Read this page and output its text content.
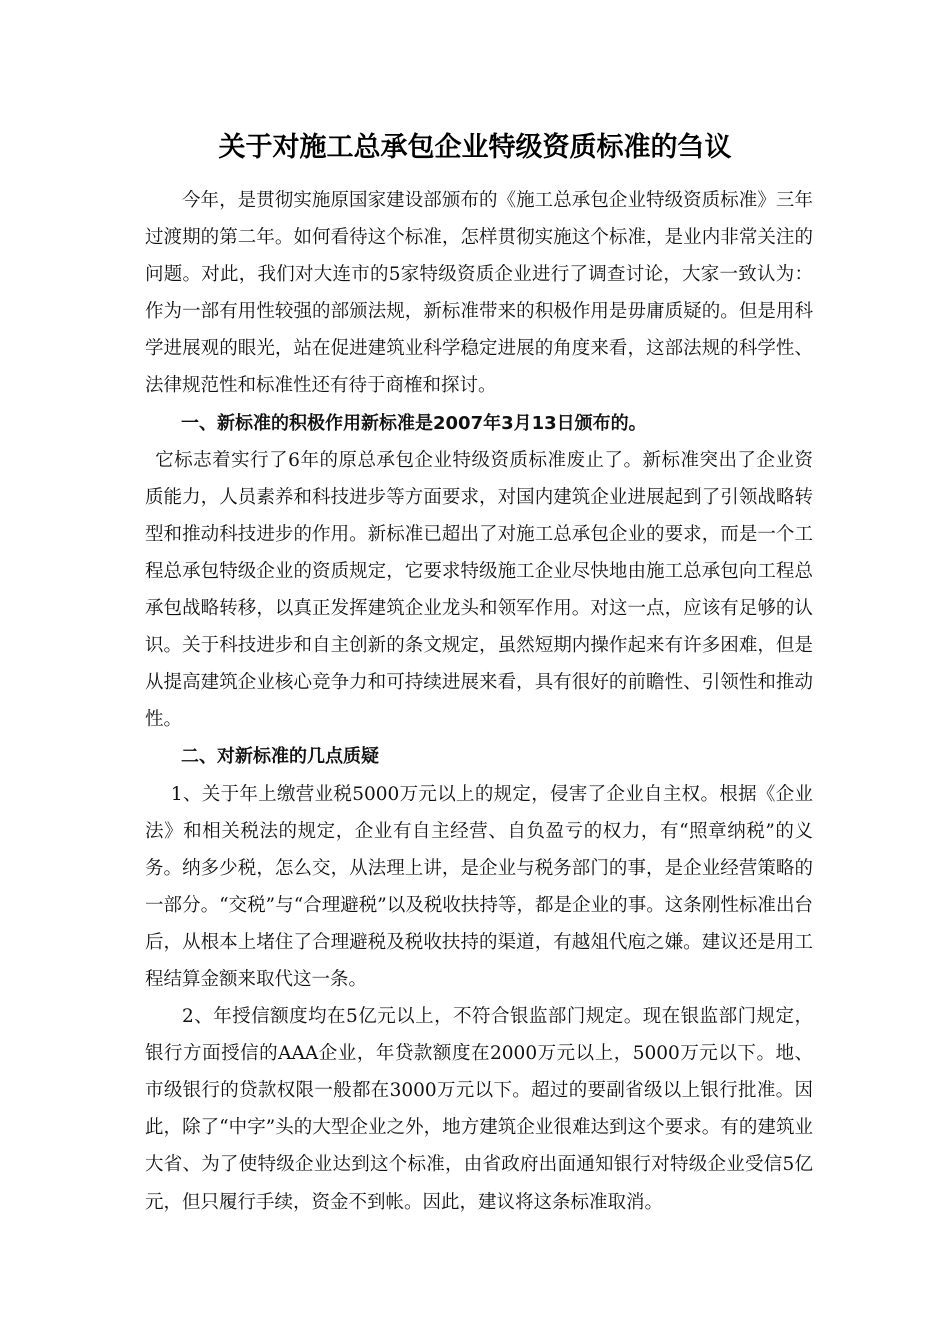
关于对施工总承包企业特级资质标准的刍议

今年，是贯彻实施原国家建设部颁布的《施工总承包企业特级资质标准》三年过渡期的第二年。如何看待这个标准，怎样贯彻实施这个标准，是业内非常关注的问题。对此，我们对大连市的5家特级资质企业进行了调查讨论，大家一致认为：作为一部有用性较强的部颁法规，新标准带来的积极作用是毋庸质疑的。但是用科学进展观的眼光，站在促进建筑业科学稳定进展的角度来看，这部法规的科学性、法律规范性和标准性还有待于商榷和探讨。

一、新标准的积极作用新标准是2007年3月13日颁布的。

它标志着实行了6年的原总承包企业特级资质标准废止了。新标准突出了企业资质能力，人员素养和科技进步等方面要求，对国内建筑企业进展起到了引领战略转型和推动科技进步的作用。新标准已超出了对施工总承包企业的要求，而是一个工程总承包特级企业的资质规定，它要求特级施工企业尽快地由施工总承包向工程总承包战略转移，以真正发挥建筑企业龙头和领军作用。对这一点，应该有足够的认识。关于科技进步和自主创新的条文规定，虽然短期内操作起来有许多困难，但是从提高建筑企业核心竞争力和可持续进展来看，具有很好的前瞻性、引领性和推动性。

二、对新标准的几点质疑

1、关于年上缴营业税5000万元以上的规定，侵害了企业自主权。根据《企业法》和相关税法的规定，企业有自主经营、自负盈亏的权力，有“照章纳税”的义务。纳多少税，怎么交，从法理上讲，是企业与税务部门的事，是企业经营策略的一部分。“交税”与“合理避税”以及税收扶持等，都是企业的事。这条刚性标准出台后，从根本上堵住了合理避税及税收扶持的渠道，有越俎代庖之嫌。建议还是用工程结算金额来取代这一条。

2、年授信额度均在5亿元以上，不符合银监部门规定。现在银监部门规定，银行方面授信的AAA企业，年贷款额度在2000万元以上，5000万元以下。地、市级银行的贷款权限一般都在3000万元以下。超过的要副省级以上银行批准。因此，除了“中字”头的大型企业之外，地方建筑企业很难达到这个要求。有的建筑业大省、为了使特级企业达到这个标准，由省政府出面通知银行对特级企业受信5亿元，但只履行手续，资金不到帐。因此，建议将这条标准取消。
